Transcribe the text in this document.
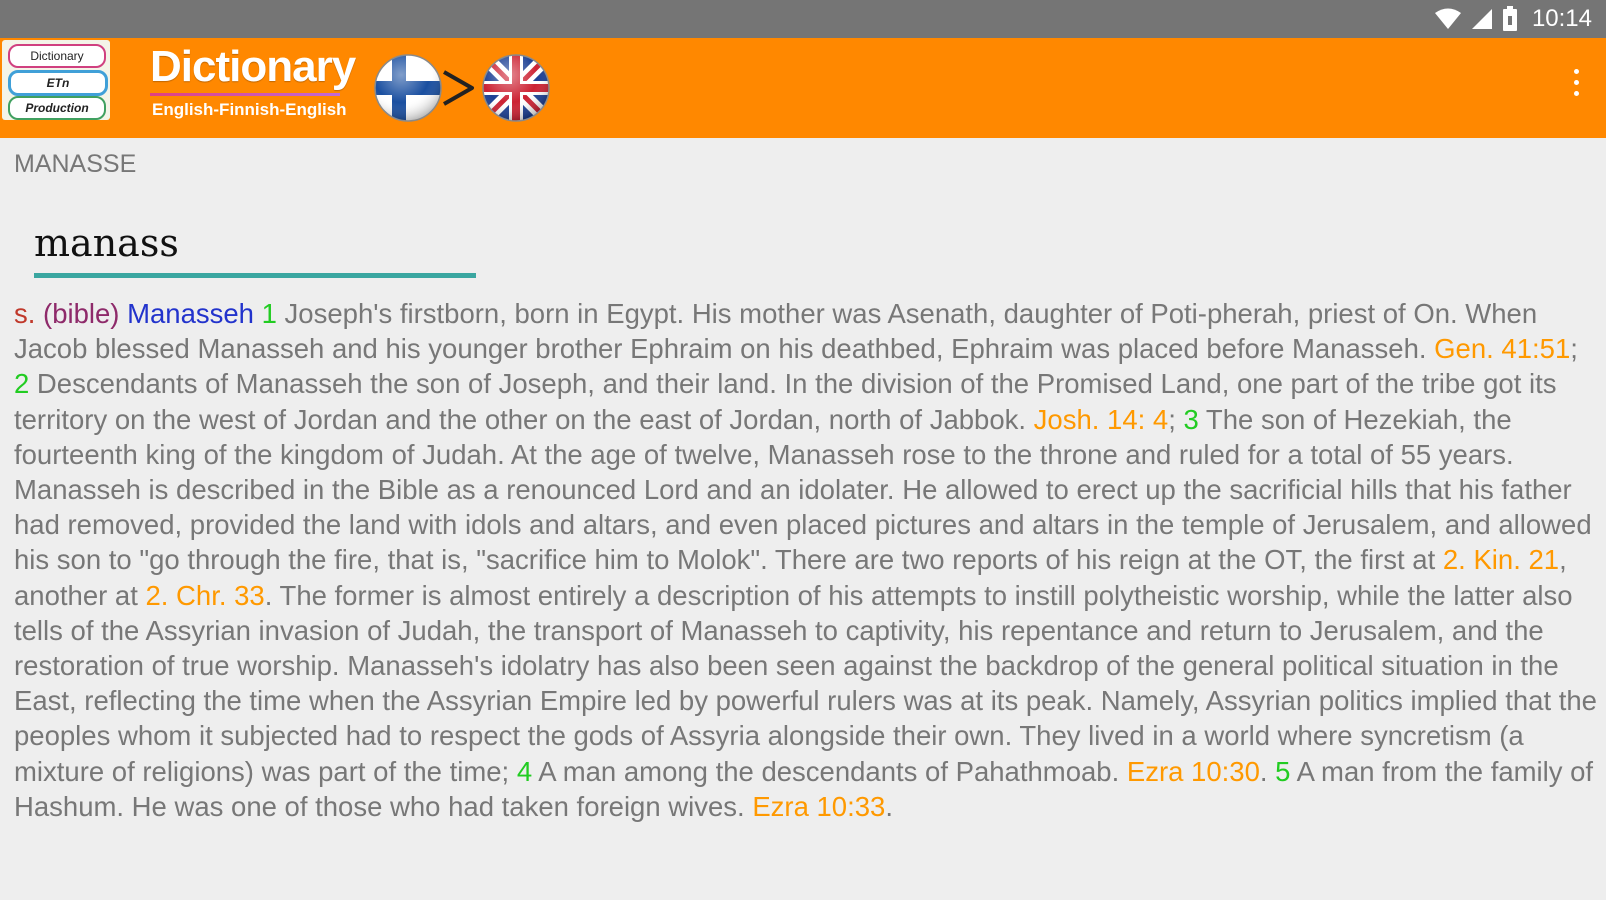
10:14
Dictionary
ETn
Production
Dictionary
English-Finnish-English
MANASSE
manass

s. (bible) Manasseh 1 Joseph's firstborn, born in Egypt. His mother was Asenath, daughter of Poti-pherah, priest of On. When Jacob blessed Manasseh and his younger brother Ephraim on his deathbed, Ephraim was placed before Manasseh. Gen. 41:51; 2 Descendants of Manasseh the son of Joseph, and their land. In the division of the Promised Land, one part of the tribe got its territory on the west of Jordan and the other on the east of Jordan, north of Jabbok. Josh. 14: 4; 3 The son of Hezekiah, the fourteenth king of the kingdom of Judah. At the age of twelve, Manasseh rose to the throne and ruled for a total of 55 years. Manasseh is described in the Bible as a renounced Lord and an idolater. He allowed to erect up the sacrificial hills that his father had removed, provided the land with idols and altars, and even placed pictures and altars in the temple of Jerusalem, and allowed his son to "go through the fire, that is, "sacrifice him to Molok". There are two reports of his reign at the OT, the first at 2. Kin. 21, another at 2. Chr. 33. The former is almost entirely a description of his attempts to instill polytheistic worship, while the latter also tells of the Assyrian invasion of Judah, the transport of Manasseh to captivity, his repentance and return to Jerusalem, and the restoration of true worship. Manasseh's idolatry has also been seen against the backdrop of the general political situation in the East, reflecting the time when the Assyrian Empire led by powerful rulers was at its peak. Namely, Assyrian politics implied that the peoples whom it subjected had to respect the gods of Assyria alongside their own. They lived in a world where syncretism (a mixture of religions) was part of the time; 4 A man among the descendants of Pahathmoab. Ezra 10:30. 5 A man from the family of Hashum. He was one of those who had taken foreign wives. Ezra 10:33.
